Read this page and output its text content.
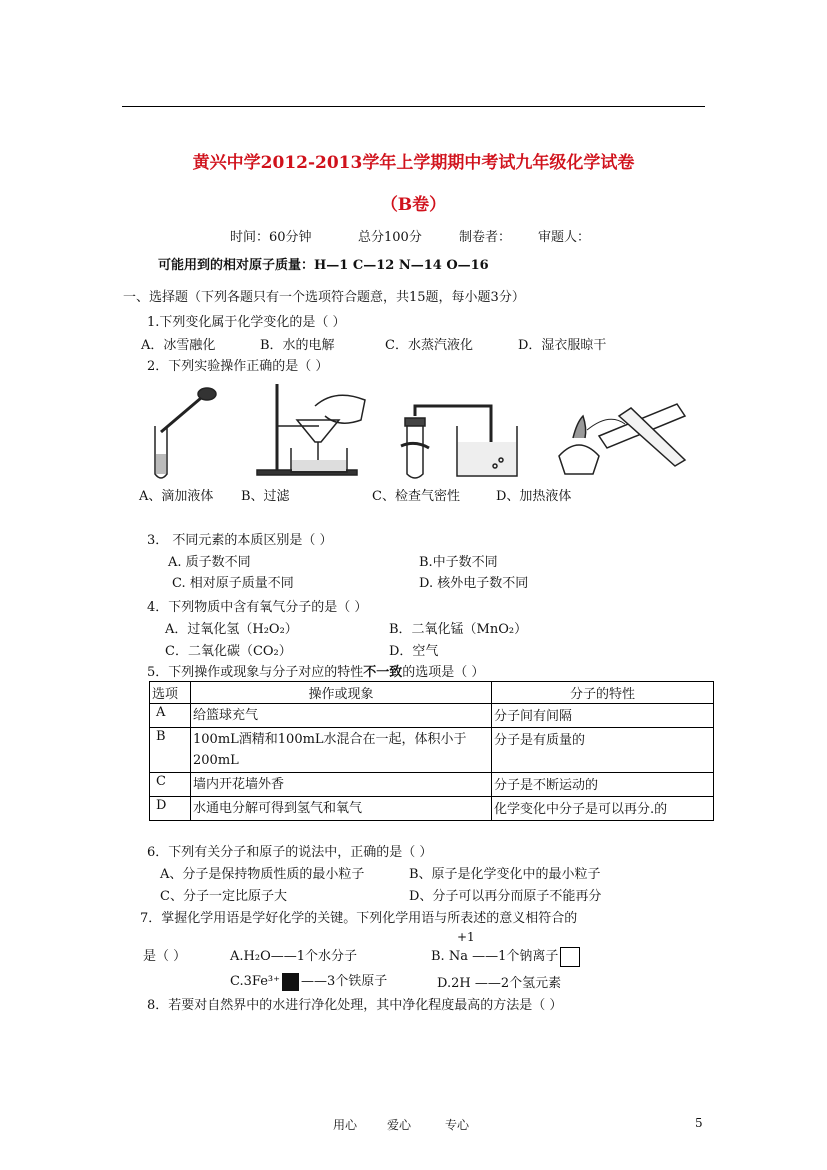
黄兴中学2012-2013学年上学期期中考试九年级化学试卷
（B卷）
时间：60分钟	总分100分	制卷者： 审题人：
可能用到的相对原子质量：H—1 C—12 N—14 O—16
一、选择题（下列各题只有一个选项符合题意，共15题，每小题3分）
1.下列变化属于化学变化的是（ ）
A．冰雪融化	B．水的电解	C．水蒸汽液化	D．湿衣服晾干
2．下列实验操作正确的是（ ）
A、滴加液体 B、过滤	C、检查气密性	D、加热液体
3． 不同元素的本质区别是（ ）
A. 质子数不同	B.中子数不同
C. 相对原子质量不同	D. 核外电子数不同
4．下列物质中含有氧气分子的是（ ）
A．过氧化氢（H₂O₂）	B．二氧化锰（MnO₂）
C．二氧化碳（CO₂）	D．空气
5．下列操作或现象与分子对应的特性不一致的选项是（ ）
选项	操作或现象	分子的特性
A	给篮球充气	分子间有间隔
B	100mL酒精和100mL水混合在一起，体积小于200mL	分子是有质量的
C	墙内开花墙外香	分子是不断运动的
D	水通电分解可得到氢气和氧气	化学变化中分子是可以再分.的
6．下列有关分子和原子的说法中，正确的是（ ）
A、分子是保持物质性质的最小粒子	B、原子是化学变化中的最小粒子
C、分子一定比原子大	D、分子可以再分而原子不能再分
7．掌握化学用语是学好化学的关键。下列化学用语与所表述的意义相符合的
+1
是（ ）	A.H₂O——1个水分子	B. Na ——1个钠离子
C.3Fe³⁺ ——3个铁原子	D.2H ——2个氢元素
8．若要对自然界中的水进行净化处理，其中净化程度最高的方法是（ ）
用心 爱心	专心	5
